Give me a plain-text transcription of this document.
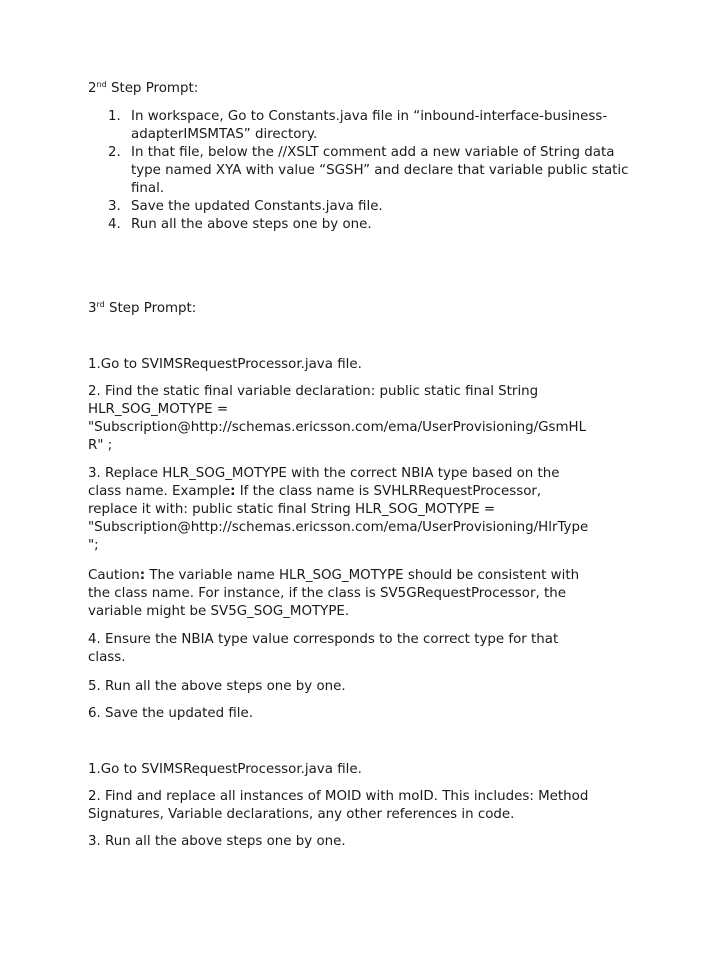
2nd Step Prompt:

1. In workspace, Go to Constants.java file in “inbound-interface-business-adapterIMSMTAS” directory.
2. In that file, below the //XSLT comment add a new variable of String data type named XYA with value “SGSH” and declare that variable public static final.
3. Save the updated Constants.java file.
4. Run all the above steps one by one.

3rd Step Prompt:

1.Go to SVIMSRequestProcessor.java file.

2. Find the static final variable declaration: public static final String
HLR_SOG_MOTYPE =
"Subscription@http://schemas.ericsson.com/ema/UserProvisioning/GsmHL
R" ;
3. Replace HLR_SOG_MOTYPE with the correct NBIA type based on the
class name. Example: If the class name is SVHLRRequestProcessor,
replace it with: public static final String HLR_SOG_MOTYPE =
"Subscription@http://schemas.ericsson.com/ema/UserProvisioning/HlrType
";
Caution: The variable name HLR_SOG_MOTYPE should be consistent with
the class name. For instance, if the class is SV5GRequestProcessor, the
variable might be SV5G_SOG_MOTYPE.
4. Ensure the NBIA type value corresponds to the correct type for that
class.

5. Run all the above steps one by one.

6. Save the updated file.

1.Go to SVIMSRequestProcessor.java file.

2. Find and replace all instances of MOID with moID. This includes: Method
Signatures, Variable declarations, any other references in code.

3. Run all the above steps one by one.
